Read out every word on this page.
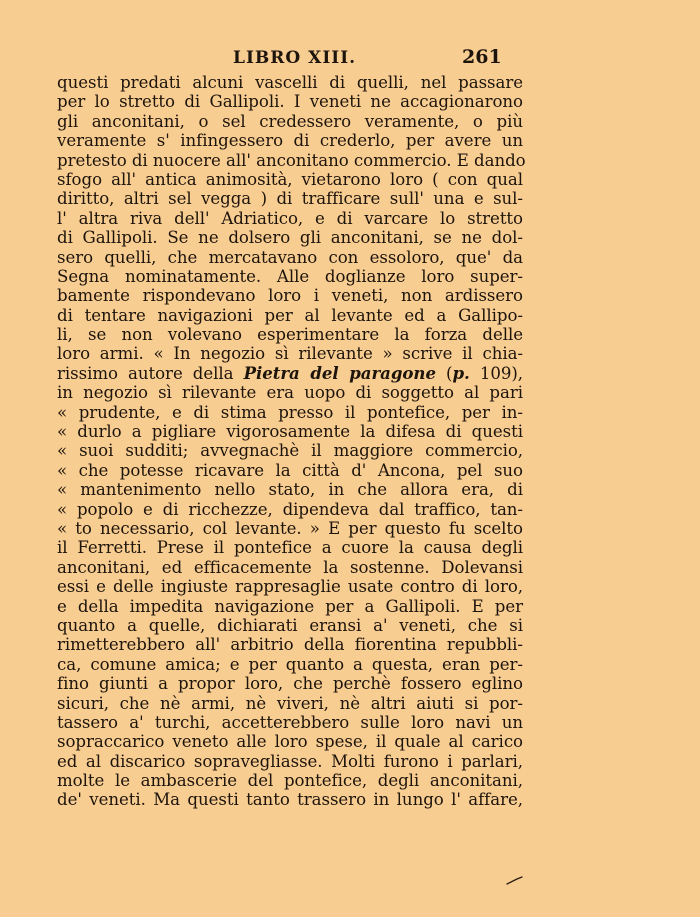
LIBRO XIII.	261
questi predati alcuni vascelli di quelli, nel passare
per lo stretto di Gallipoli. I veneti ne accagionarono
gli anconitani, o sel credessero veramente, o più
veramente s' infingessero di crederlo, per avere un
pretesto di nuocere all' anconitano commercio. E dando
sfogo all' antica animosità, vietarono loro ( con qual
diritto, altri sel vegga ) di trafficare sull' una e sul-
l' altra riva dell' Adriatico, e di varcare lo stretto
di Gallipoli. Se ne dolsero gli anconitani, se ne dol-
sero quelli, che mercatavano con essoloro, que' da
Segna nominatamente. Alle doglianze loro super-
bamente rispondevano loro i veneti, non ardissero
di tentare navigazioni per al levante ed a Gallipo-
li, se non volevano esperimentare la forza delle
loro armi. « In negozio sì rilevante » scrive il chia-
rissimo autore della Pietra del paragone (p. 109),
in negozio sì rilevante era uopo di soggetto al pari
« prudente, e di stima presso il pontefice, per in-
« durlo a pigliare vigorosamente la difesa di questi
« suoi sudditi; avvegnachè il maggiore commercio,
« che potesse ricavare la città d' Ancona, pel suo
« mantenimento nello stato, in che allora era, di
« popolo e di ricchezze, dipendeva dal traffico, tan-
« to necessario, col levante. » E per questo fu scelto
il Ferretti. Prese il pontefice a cuore la causa degli
anconitani, ed efficacemente la sostenne. Dolevansi
essi e delle ingiuste rappresaglie usate contro di loro,
e della impedita navigazione per a Gallipoli. E per
quanto a quelle, dichiarati eransi a' veneti, che si
rimetterebbero all' arbitrio della fiorentina repubbli-
ca, comune amica; e per quanto a questa, eran per-
fino giunti a propor loro, che perchè fossero eglino
sicuri, che nè armi, nè viveri, nè altri aiuti si por-
tassero a' turchi, accetterebbero sulle loro navi un
sopraccarico veneto alle loro spese, il quale al carico
ed al discarico sopravegliasse. Molti furono i parlari,
molte le ambascerie del pontefice, degli anconitani,
de' veneti. Ma questi tanto trassero in lungo l' affare,
